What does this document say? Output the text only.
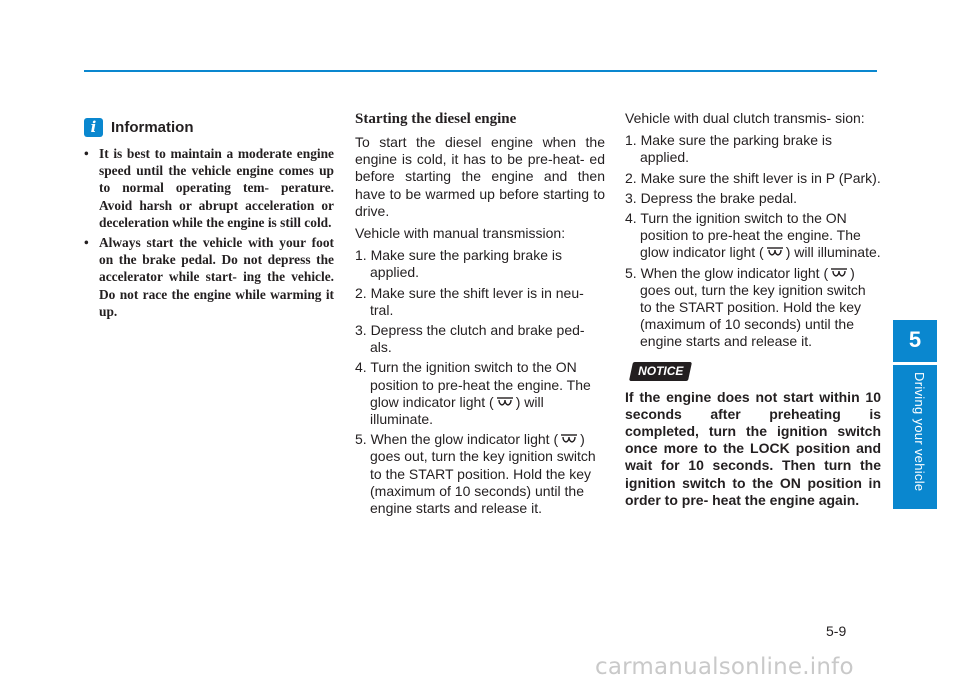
i Information
• It is best to maintain a moderate engine speed until the vehicle engine comes up to normal operating tem- perature. Avoid harsh or abrupt acceleration or deceleration while the engine is still cold.
• Always start the vehicle with your foot on the brake pedal. Do not depress the accelerator while start- ing the vehicle. Do not race the engine while warming it up.
Starting the diesel engine

To start the diesel engine when the engine is cold, it has to be pre-heat- ed before starting the engine and then have to be warmed up before starting to drive.

Vehicle with manual transmission:

1. Make sure the parking brake is applied.
2. Make sure the shift lever is in neu- tral.
3. Depress the clutch and brake ped- als.
4. Turn the ignition switch to the ON position to pre-heat the engine. The glow indicator light ( ) will illuminate.
5. When the glow indicator light ( ) goes out, turn the key ignition switch to the START position. Hold the key (maximum of 10 seconds) until the engine starts and release it.

Vehicle with dual clutch transmis- sion:

1. Make sure the parking brake is applied.
2. Make sure the shift lever is in P (Park).
3. Depress the brake pedal.
4. Turn the ignition switch to the ON position to pre-heat the engine. The glow indicator light ( ) will illuminate.
5. When the glow indicator light ( ) goes out, turn the key ignition switch to the START position. Hold the key (maximum of 10 seconds) until the engine starts and release it.
NOTICE

If the engine does not start within 10 seconds after preheating is completed, turn the ignition switch once more to the LOCK position and wait for 10 seconds. Then turn the ignition switch to the ON position in order to pre- heat the engine again.

5
Driving your vehicle
5-9
carmanualsonline.info
